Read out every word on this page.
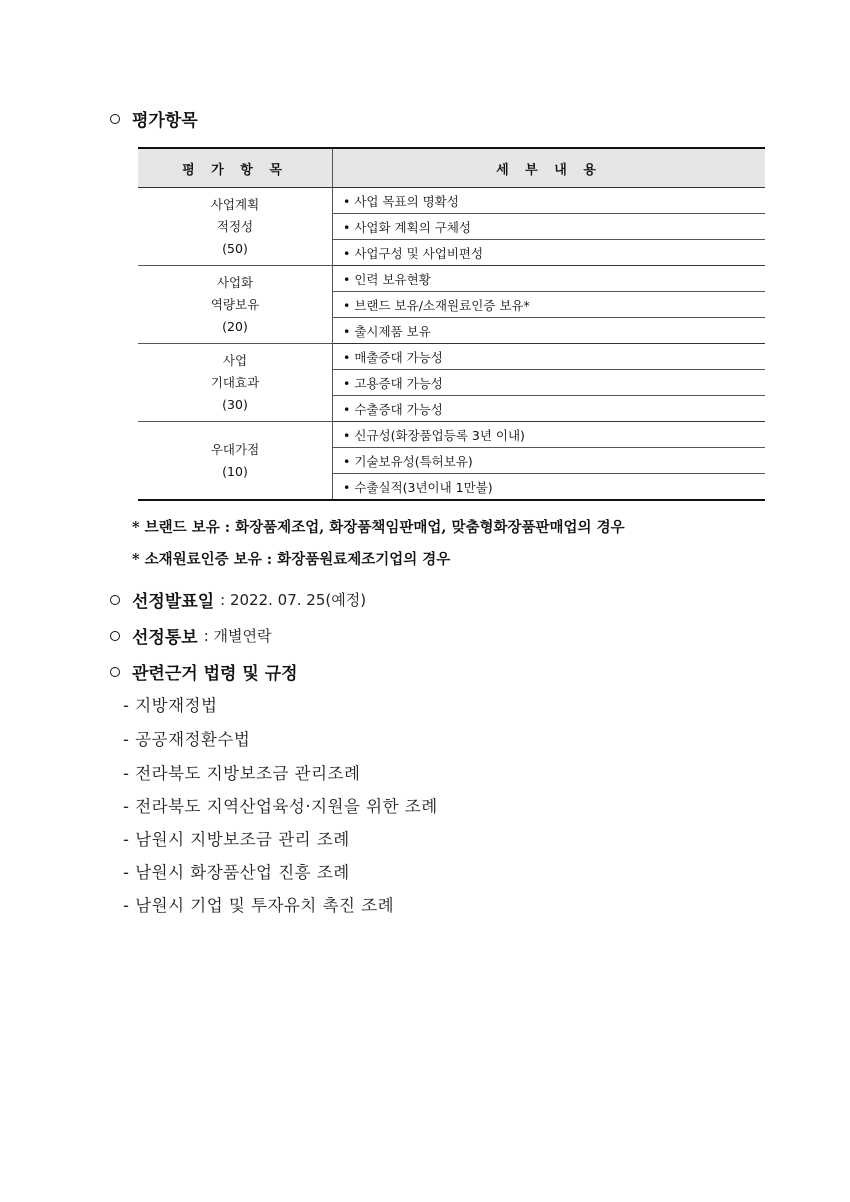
평가항목
평 가 항 목	세 부 내 용

사업계획
적정성
(50)	• 사업 목표의 명확성
	• 사업화 계획의 구체성
	• 사업구성 및 사업비편성

사업화
역량보유
(20)	• 인력 보유현황
	• 브랜드 보유/소재원료인증 보유*
	• 출시제품 보유

사업
기대효과
(30)	• 매출증대 가능성
	• 고용증대 가능성
	• 수출증대 가능성

우대가점
(10)	• 신규성(화장품업등록 3년 이내)
	• 기술보유성(특허보유)
	• 수출실적(3년이내 1만불)
* 브랜드 보유 : 화장품제조업, 화장품책임판매업, 맞춤형화장품판매업의 경우
* 소재원료인증 보유 : 화장품원료제조기업의 경우
선정발표일 : 2022. 07. 25(예정)
선정통보 : 개별연락
관련근거 법령 및 규정
- 지방재정법
- 공공재정환수법
- 전라북도 지방보조금 관리조례
- 전라북도 지역산업육성·지원을 위한 조례
- 남원시 지방보조금 관리 조례
- 남원시 화장품산업 진흥 조례
- 남원시 기업 및 투자유치 촉진 조례
